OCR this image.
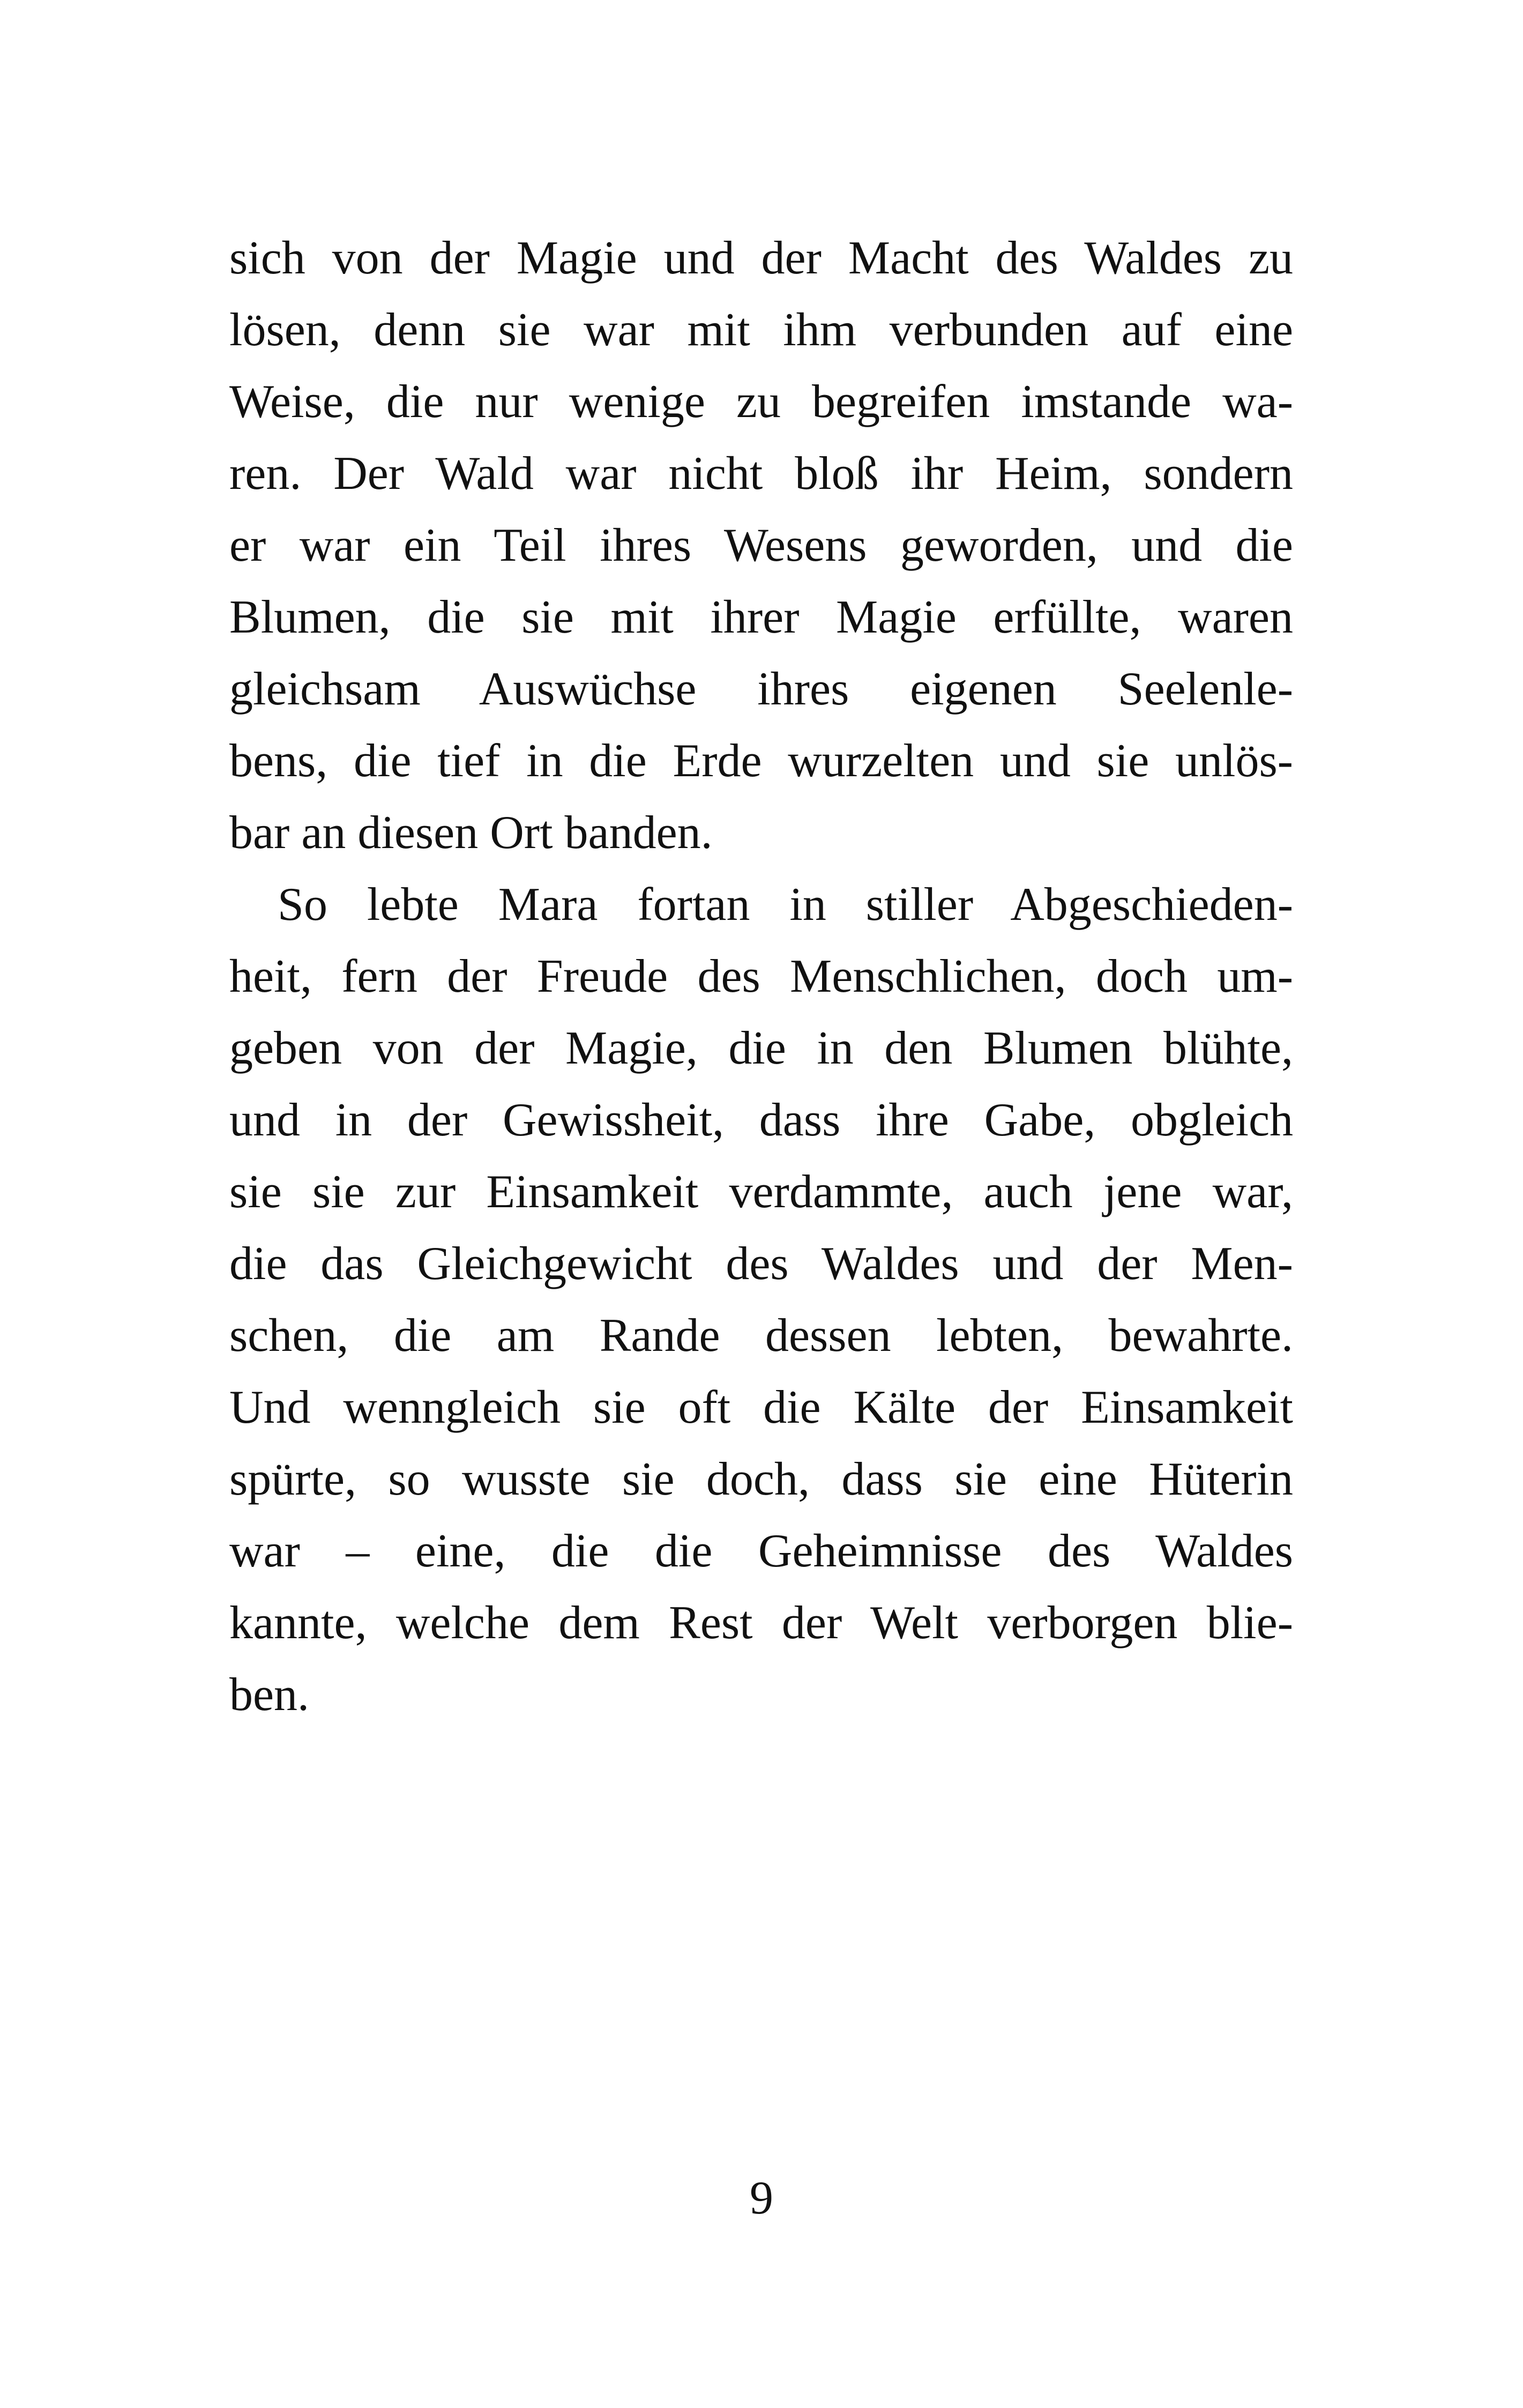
sich von der Magie und der Macht des Waldes zu
lösen, denn sie war mit ihm verbunden auf eine
Weise, die nur wenige zu begreifen imstande wa-
ren. Der Wald war nicht bloß ihr Heim, sondern
er war ein Teil ihres Wesens geworden, und die
Blumen, die sie mit ihrer Magie erfüllte, waren
gleichsam Auswüchse ihres eigenen Seelenle-
bens, die tief in die Erde wurzelten und sie unlös-
bar an diesen Ort banden.
So lebte Mara fortan in stiller Abgeschieden-
heit, fern der Freude des Menschlichen, doch um-
geben von der Magie, die in den Blumen blühte,
und in der Gewissheit, dass ihre Gabe, obgleich
sie sie zur Einsamkeit verdammte, auch jene war,
die das Gleichgewicht des Waldes und der Men-
schen, die am Rande dessen lebten, bewahrte.
Und wenngleich sie oft die Kälte der Einsamkeit
spürte, so wusste sie doch, dass sie eine Hüterin
war – eine, die die Geheimnisse des Waldes
kannte, welche dem Rest der Welt verborgen blie-
ben.
9
